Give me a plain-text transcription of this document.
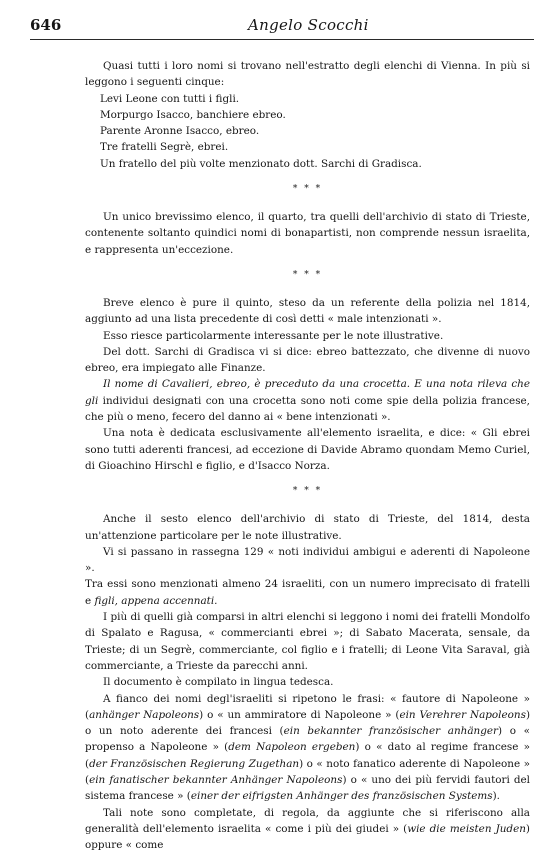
646	Angelo Scocchi

Quasi tutti i loro nomi si trovano nell'estratto degli elenchi di Vienna. In più si leggono i seguenti cinque:

Levi Leone con tutti i figli.

Morpurgo Isacco, banchiere ebreo.

Parente Aronne Isacco, ebreo.

Tre fratelli Segrè, ebrei.

Un fratello del più volte menzionato dott. Sarchi di Gradisca.

* * *

Un unico brevissimo elenco, il quarto, tra quelli dell'archivio di stato di Trieste, contenente soltanto quindici nomi di bonapartisti, non comprende nessun israelita, e rappresenta un'eccezione.

* * *

Breve elenco è pure il quinto, steso da un referente della polizia nel 1814, aggiunto ad una lista precedente di così detti « male intenzionati ».

Esso riesce particolarmente interessante per le note illustrative.

Del dott. Sarchi di Gradisca vi si dice: ebreo battezzato, che divenne di nuovo ebreo, era impiegato alle Finanze.

Il nome di Cavalieri, ebreo, è preceduto da una crocetta. E una nota rileva che gli individui designati con una crocetta sono noti come spie della polizia francese, che più o meno, fecero del danno ai « bene intenzionati ».

Una nota è dedicata esclusivamente all'elemento israelita, e dice: « Gli ebrei sono tutti aderenti francesi, ad eccezione di Davide Abramo quondam Memo Curiel, di Gioachino Hirschl e figlio, e d'Isacco Norza.

* * *

Anche il sesto elenco dell'archivio di stato di Trieste, del 1814, desta un'attenzione particolare per le note illustrative.

Vi si passano in rassegna 129 « noti individui ambigui e aderenti di Napoleone ».

Tra essi sono menzionati almeno 24 israeliti, con un numero imprecisato di fratelli e figli, appena accennati.

I più di quelli già comparsi in altri elenchi si leggono i nomi dei fratelli Mondolfo di Spalato e Ragusa, « commercianti ebrei »; di Sabato Macerata, sensale, da Trieste; di un Segrè, commerciante, col figlio e i fratelli; di Leone Vita Saraval, già commerciante, a Trieste da parecchi anni.

Il documento è compilato in lingua tedesca.

A fianco dei nomi degl'israeliti si ripetono le frasi: « fautore di Napoleone » (anhänger Napoleons) o « un ammiratore di Napoleone » (ein Verehrer Napoleons) o un noto aderente dei francesi (ein bekannter französischer anhänger) o « propenso a Napoleone » (dem Napoleon ergeben) o « dato al regime francese » (der Französischen Regierung Zugethan) o « noto fanatico aderente di Napoleone » (ein fanatischer bekannter Anhänger Napoleons) o « uno dei più fervidi fautori del sistema francese » (einer der eifrigsten Anhänger des französischen Systems).

Tali note sono completate, di regola, da aggiunte che si riferiscono alla generalità dell'elemento israelita « come i più dei giudei » (wie die meisten Juden) oppure « come
